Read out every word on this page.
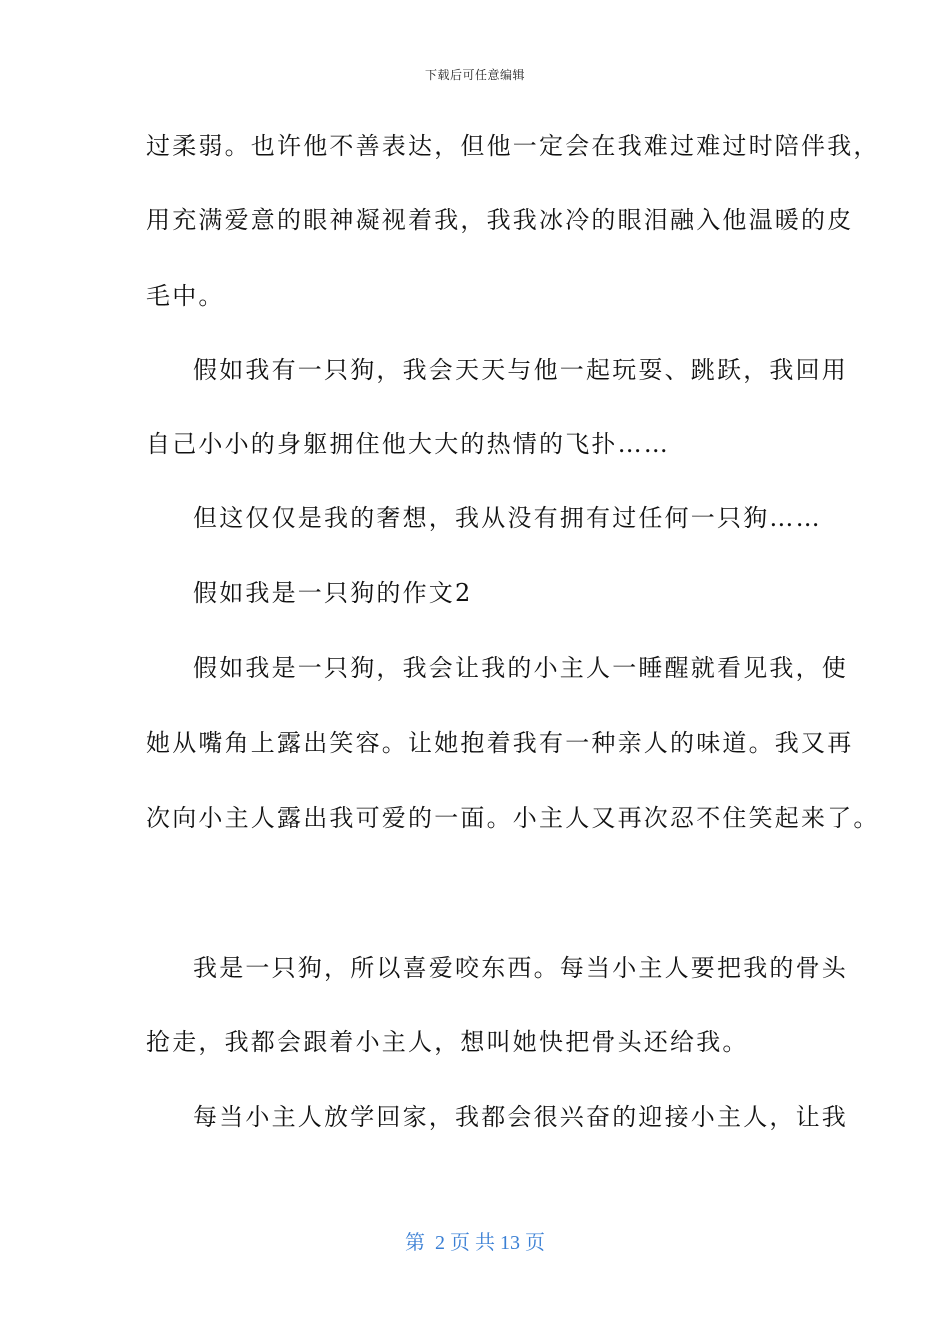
下载后可任意编辑
过柔弱。也许他不善表达，但他一定会在我难过难过时陪伴我，
用充满爱意的眼神凝视着我，我我冰冷的眼泪融入他温暖的皮
毛中。
假如我有一只狗，我会天天与他一起玩耍、跳跃，我回用
自己小小的身躯拥住他大大的热情的飞扑……
但这仅仅是我的奢想，我从没有拥有过任何一只狗……
假如我是一只狗的作文2
假如我是一只狗，我会让我的小主人一睡醒就看见我，使
她从嘴角上露出笑容。让她抱着我有一种亲人的味道。我又再
次向小主人露出我可爱的一面。小主人又再次忍不住笑起来了。
我是一只狗，所以喜爱咬东西。每当小主人要把我的骨头
抢走，我都会跟着小主人，想叫她快把骨头还给我。
每当小主人放学回家，我都会很兴奋的迎接小主人，让我
第  2 页 共 13 页
